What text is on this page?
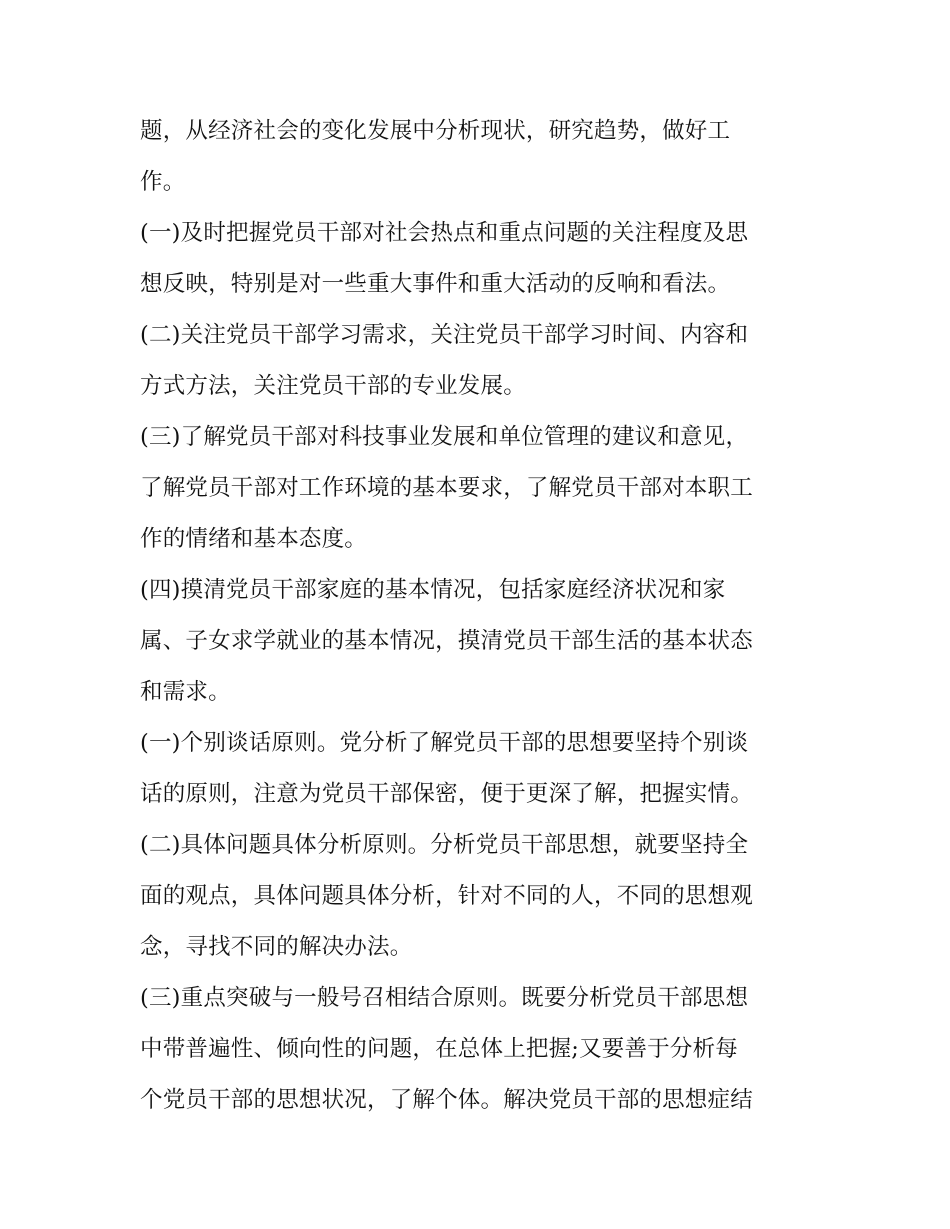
题，从经济社会的变化发展中分析现状，研究趋势，做好工
作。

(一)及时把握党员干部对社会热点和重点问题的关注程度及思
想反映，特别是对一些重大事件和重大活动的反响和看法。

(二)关注党员干部学习需求，关注党员干部学习时间、内容和
方式方法，关注党员干部的专业发展。

(三)了解党员干部对科技事业发展和单位管理的建议和意见，
了解党员干部对工作环境的基本要求，了解党员干部对本职工
作的情绪和基本态度。

(四)摸清党员干部家庭的基本情况，包括家庭经济状况和家
属、子女求学就业的基本情况，摸清党员干部生活的基本状态
和需求。

(一)个别谈话原则。党分析了解党员干部的思想要坚持个别谈
话的原则，注意为党员干部保密，便于更深了解，把握实情。

(二)具体问题具体分析原则。分析党员干部思想，就要坚持全
面的观点，具体问题具体分析，针对不同的人，不同的思想观
念，寻找不同的解决办法。

(三)重点突破与一般号召相结合原则。既要分析党员干部思想
中带普遍性、倾向性的问题，在总体上把握;又要善于分析每
个党员干部的思想状况，了解个体。解决党员干部的思想症结
